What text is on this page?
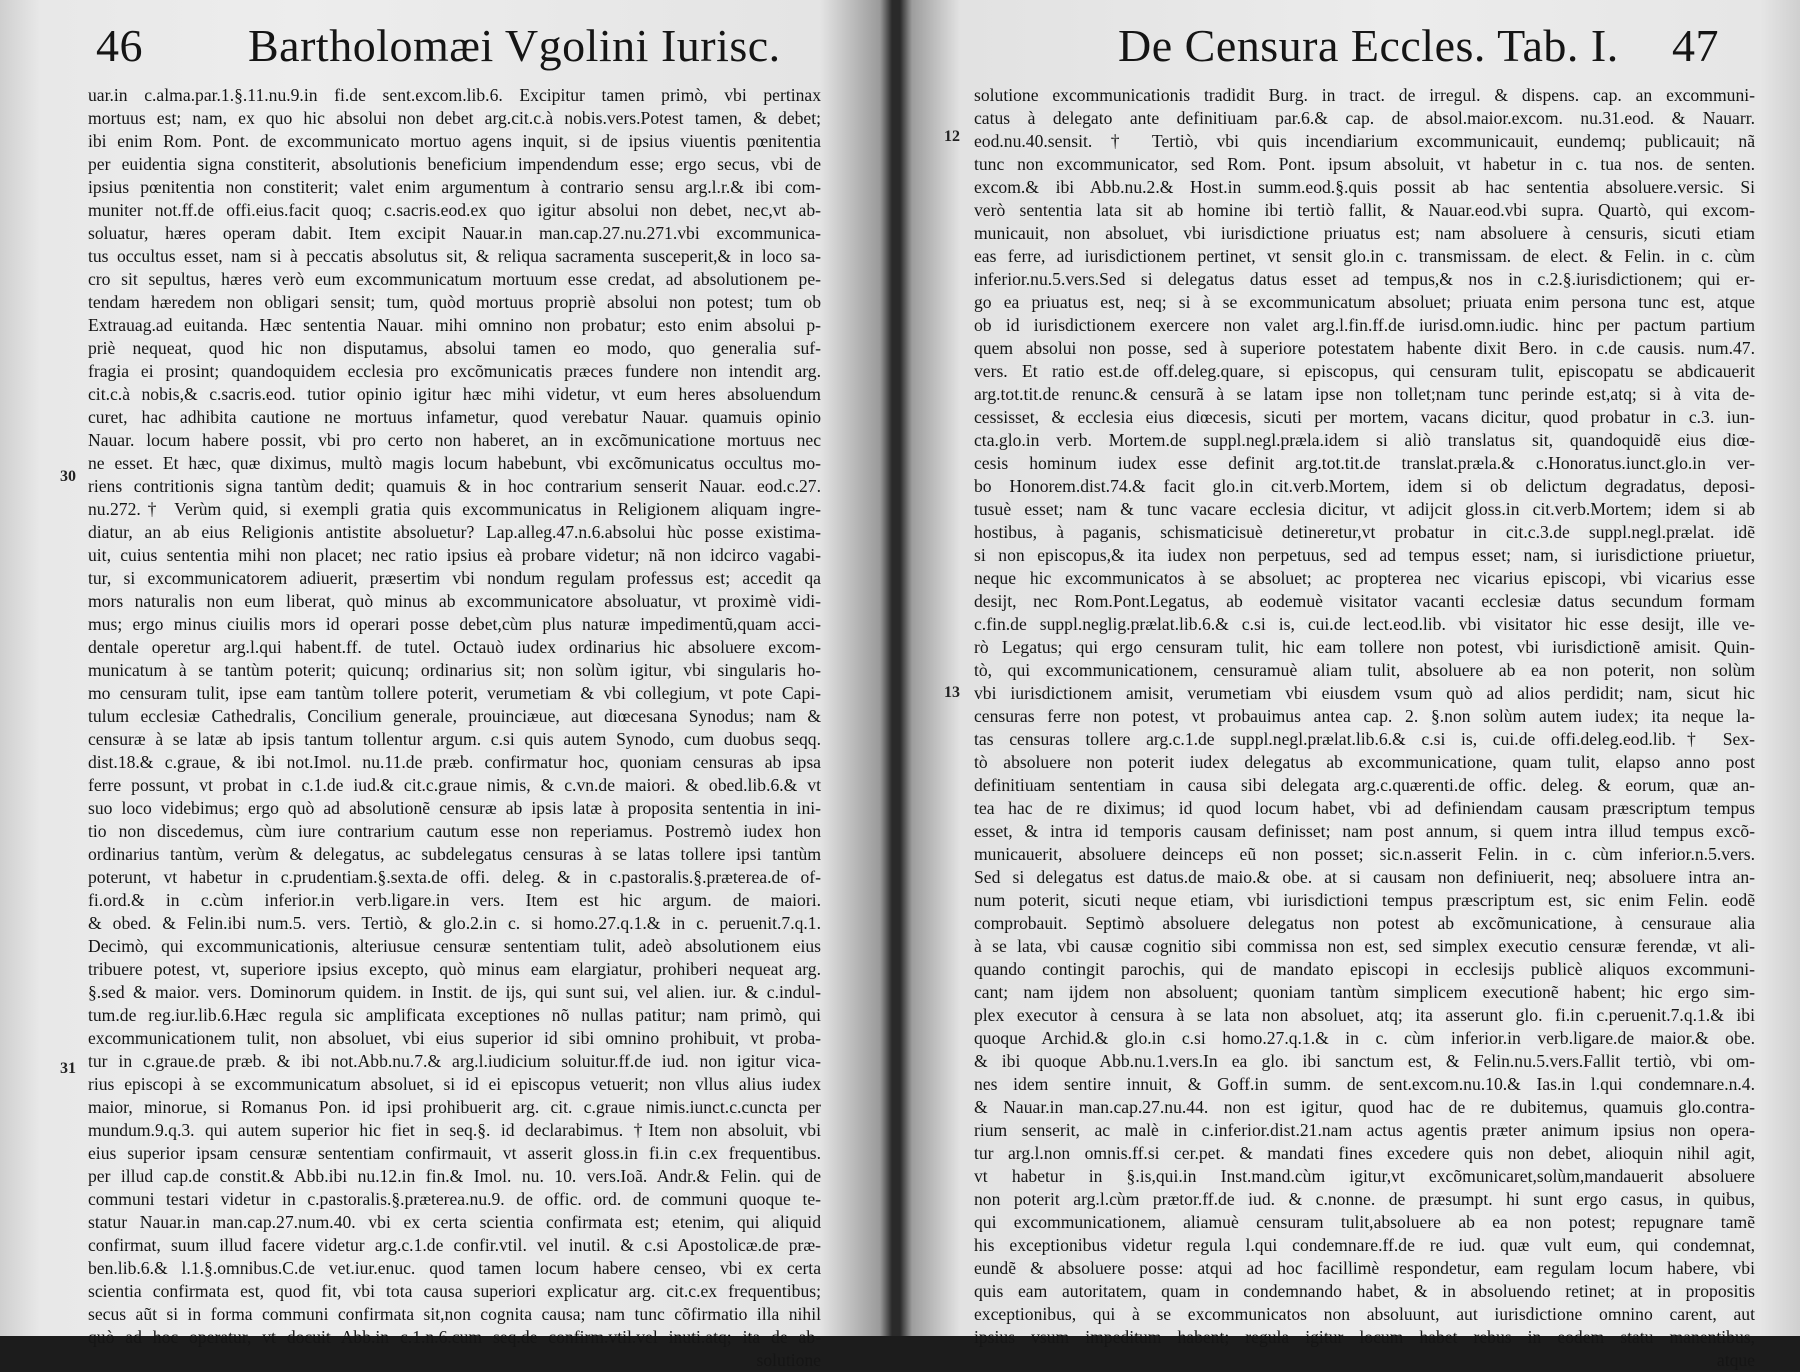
46 Bartholomæi Vgolini Iurisc.
uar.in c.alma.par.1.§.11.nu.9.in fi.de sent.excom.lib.6. Excipitur tamen primò, vbi pertinax
mortuus est; nam, ex quo hic absolui non debet arg.cit.c.à nobis.vers.Potest tamen, & debet;
ibi enim Rom. Pont. de excommunicato mortuo agens inquit, si de ipsius viuentis pœnitentia
per euidentia signa constiterit, absolutionis beneficium impendendum esse; ergo secus, vbi de
ipsius pœnitentia non constiterit; valet enim argumentum à contrario sensu arg.l.r.& ibi com-
muniter not.ff.de offi.eius.facit quoq; c.sacris.eod.ex quo igitur absolui non debet, nec,vt ab-
soluatur, hæres operam dabit. Item excipit Nauar.in man.cap.27.nu.271.vbi excommunica-
tus occultus esset, nam si à peccatis absolutus sit, & reliqua sacramenta susceperit,& in loco sa-
cro sit sepultus, hæres verò eum excommunicatum mortuum esse credat, ad absolutionem pe-
tendam hæredem non obligari sensit; tum, quòd mortuus propriè absolui non potest; tum ob
Extrauag.ad euitanda. Hæc sententia Nauar. mihi omnino non probatur; esto enim absolui p-
priè nequeat, quod hic non disputamus, absolui tamen eo modo, quo generalia suf-
fragia ei prosint; quandoquidem ecclesia pro excõmunicatis præces fundere non intendit arg.
cit.c.à nobis,& c.sacris.eod. tutior opinio igitur hæc mihi videtur, vt eum heres absoluendum
curet, hac adhibita cautione ne mortuus infametur, quod verebatur Nauar. quamuis opinio
Nauar. locum habere possit, vbi pro certo non haberet, an in excõmunicatione mortuus nec
ne esset. Et hæc, quæ diximus, multò magis locum habebunt, vbi excõmunicatus occultus mo-
riens contritionis signa tantùm dedit; quamuis & in hoc contrarium senserit Nauar. eod.c.27.
nu.272.† Verùm quid, si exempli gratia quis excommunicatus in Religionem aliquam ingre-
diatur, an ab eius Religionis antistite absoluetur? Lap.alleg.47.n.6.absolui hùc posse existima-
uit, cuius sententia mihi non placet; nec ratio ipsius eà probare videtur; nã non idcirco vagabi-
tur, si excommunicatorem adiuerit, præsertim vbi nondum regulam professus est; accedit qa
mors naturalis non eum liberat, quò minus ab excommunicatore absoluatur, vt proximè vidi-
mus; ergo minus ciuilis mors id operari posse debet,cùm plus naturæ impedimentũ,quam acci-
dentale operetur arg.l.qui habent.ff. de tutel. Octauò iudex ordinarius hic absoluere excom-
municatum à se tantùm poterit; quicunq; ordinarius sit; non solùm igitur, vbi singularis ho-
mo censuram tulit, ipse eam tantùm tollere poterit, verumetiam & vbi collegium, vt pote Capi-
tulum ecclesiæ Cathedralis, Concilium generale, prouinciæue, aut diœcesana Synodus; nam &
censuræ à se latæ ab ipsis tantum tollentur argum. c.si quis autem Synodo, cum duobus seqq.
dist.18.& c.graue, & ibi not.Imol. nu.11.de præb. confirmatur hoc, quoniam censuras ab ipsa
ferre possunt, vt probat in c.1.de iud.& cit.c.graue nimis, & c.vn.de maiori. & obed.lib.6.& vt
suo loco videbimus; ergo quò ad absolutionẽ censuræ ab ipsis latæ à proposita sententia in ini-
tio non discedemus, cùm iure contrarium cautum esse non reperiamus. Postremò iudex hon
ordinarius tantùm, verùm & delegatus, ac subdelegatus censuras à se latas tollere ipsi tantùm
poterunt, vt habetur in c.prudentiam.§.sexta.de offi. deleg. & in c.pastoralis.§.præterea.de of-
fi.ord.& in c.cùm inferior.in verb.ligare.in vers. Item est hic argum. de maiori.
& obed. & Felin.ibi num.5. vers. Tertiò, & glo.2.in c. si homo.27.q.1.& in c. peruenit.7.q.1.
Decimò, qui excommunicationis, alteriusue censuræ sententiam tulit, adeò absolutionem eius
tribuere potest, vt, superiore ipsius excepto, quò minus eam elargiatur, prohiberi nequeat arg.
§.sed & maior. vers. Dominorum quidem. in Instit. de ijs, qui sunt sui, vel alien. iur. & c.indul-
tum.de reg.iur.lib.6.Hæc regula sic amplificata exceptiones nõ nullas patitur; nam primò, qui
excommunicationem tulit, non absoluet, vbi eius superior id sibi omnino prohibuit, vt proba-
tur in c.graue.de præb. & ibi not.Abb.nu.7.& arg.l.iudicium soluitur.ff.de iud. non igitur vica-
rius episcopi à se excommunicatum absoluet, si id ei episcopus vetuerit; non vllus alius iudex
maior, minorue, si Romanus Pon. id ipsi prohibuerit arg. cit. c.graue nimis.iunct.c.cuncta per
mundum.9.q.3. qui autem superior hic fiet in seq.§. id declarabimus. †Item non absoluit, vbi
eius superior ipsam censuræ sententiam confirmauit, vt asserit gloss.in fi.in c.ex frequentibus.
per illud cap.de constit.& Abb.ibi nu.12.in fin.& Imol. nu. 10. vers.Ioã. Andr.& Felin. qui de
communi testari videtur in c.pastoralis.§.præterea.nu.9. de offic. ord. de communi quoque te-
statur Nauar.in man.cap.27.num.40. vbi ex certa scientia confirmata est; etenim, qui aliquid
confirmat, suum illud facere videtur arg.c.1.de confir.vtil. vel inutil. & c.si Apostolicæ.de præ-
ben.lib.6.& l.1.§.omnibus.C.de vet.iur.enuc. quod tamen locum habere censeo, vbi ex certa
scientia confirmata est, quod fit, vbi tota causa superiori explicatur arg. cit.c.ex frequentibus;
secus aũt si in forma communi confirmata sit,non cognita causa; nam tunc cõfirmatio illa nihil
quò ad hoc operatur, vt docuit Abb.in c.1.n.6.cum seq.de confirm.vtil.vel inuti.atq; ita de ab-
solutione
30
31
De Censura Eccles. Tab. I. 47
solutione excommunicationis tradidit Burg. in tract. de irregul. & dispens. cap. an excommuni-
catus à delegato ante definitiuam par.6.& cap. de absol.maior.excom. nu.31.eod. & Nauarr.
eod.nu.40.sensit. † Tertiò, vbi quis incendiarium excommunicauit, eundemq; publicauit; nã
tunc non excommunicator, sed Rom. Pont. ipsum absoluit, vt habetur in c. tua nos. de senten.
excom.& ibi Abb.nu.2.& Host.in summ.eod.§.quis possit ab hac sententia absoluere.versic. Si
verò sententia lata sit ab homine ibi tertiò fallit, & Nauar.eod.vbi supra. Quartò, qui excom-
municauit, non absoluet, vbi iurisdictione priuatus est; nam absoluere à censuris, sicuti etiam
eas ferre, ad iurisdictionem pertinet, vt sensit glo.in c. transmissam. de elect. & Felin. in c. cùm
inferior.nu.5.vers.Sed si delegatus datus esset ad tempus,& nos in c.2.§.iurisdictionem; qui er-
go ea priuatus est, neq; si à se excommunicatum absoluet; priuata enim persona tunc est, atque
ob id iurisdictionem exercere non valet arg.l.fin.ff.de iurisd.omn.iudic. hinc per pactum partium
quem absolui non posse, sed à superiore potestatem habente dixit Bero. in c.de causis. num.47.
vers. Et ratio est.de off.deleg.quare, si episcopus, qui censuram tulit, episcopatu se abdicauerit
arg.tot.tit.de renunc.& censurã à se latam ipse non tollet;nam tunc perinde est,atq; si à vita de-
cessisset, & ecclesia eius diœcesis, sicuti per mortem, vacans dicitur, quod probatur in c.3. iun-
cta.glo.in verb. Mortem.de suppl.negl.præla.idem si aliò translatus sit, quandoquidẽ eius diœ-
cesis hominum iudex esse definit arg.tot.tit.de translat.præla.& c.Honoratus.iunct.glo.in ver-
bo Honorem.dist.74.& facit glo.in cit.verb.Mortem, idem si ob delictum degradatus, deposi-
tusuè esset; nam & tunc vacare ecclesia dicitur, vt adijcit gloss.in cit.verb.Mortem; idem si ab
hostibus, à paganis, schismaticisuè detineretur,vt probatur in cit.c.3.de suppl.negl.prælat. idẽ
si non episcopus,& ita iudex non perpetuus, sed ad tempus esset; nam, si iurisdictione priuetur,
neque hic excommunicatos à se absoluet; ac propterea nec vicarius episcopi, vbi vicarius esse
desijt, nec Rom.Pont.Legatus, ab eodemuè visitator vacanti ecclesiæ datus secundum formam
c.fin.de suppl.neglig.prælat.lib.6.& c.si is, cui.de lect.eod.lib. vbi visitator hic esse desijt, ille ve-
rò Legatus; qui ergo censuram tulit, hic eam tollere non potest, vbi iurisdictionẽ amisit. Quin-
tò, qui excommunicationem, censuramuè aliam tulit, absoluere ab ea non poterit, non solùm
vbi iurisdictionem amisit, verumetiam vbi eiusdem vsum quò ad alios perdidit; nam, sicut hic
censuras ferre non potest, vt probauimus antea cap. 2. §.non solùm autem iudex; ita neque la-
tas censuras tollere arg.c.1.de suppl.negl.prælat.lib.6.& c.si is, cui.de offi.deleg.eod.lib.† Sex-
tò absoluere non poterit iudex delegatus ab excommunicatione, quam tulit, elapso anno post
definitiuam sententiam in causa sibi delegata arg.c.quærenti.de offic. deleg. & eorum, quæ an-
tea hac de re diximus; id quod locum habet, vbi ad definiendam causam præscriptum tempus
esset, & intra id temporis causam definisset; nam post annum, si quem intra illud tempus excõ-
municauerit, absoluere deinceps eũ non posset; sic.n.asserit Felin. in c. cùm inferior.n.5.vers.
Sed si delegatus est datus.de maio.& obe. at si causam non definiuerit, neq; absoluere intra an-
num poterit, sicuti neque etiam, vbi iurisdictioni tempus præscriptum est, sic enim Felin. eodẽ
comprobauit. Septimò absoluere delegatus non potest ab excõmunicatione, à censuraue alia
à se lata, vbi causæ cognitio sibi commissa non est, sed simplex executio censuræ ferendæ, vt ali-
quando contingit parochis, qui de mandato episcopi in ecclesijs publicè aliquos excommuni-
cant; nam ijdem non absoluent; quoniam tantùm simplicem executionẽ habent; hic ergo sim-
plex executor à censura à se lata non absoluet, atq; ita asserunt glo. fi.in c.peruenit.7.q.1.& ibi
quoque Archid.& glo.in c.si homo.27.q.1.& in c. cùm inferior.in verb.ligare.de maior.& obe.
& ibi quoque Abb.nu.1.vers.In ea glo. ibi sanctum est, & Felin.nu.5.vers.Fallit tertiò, vbi om-
nes idem sentire innuit, & Goff.in summ. de sent.excom.nu.10.& Ias.in l.qui condemnare.n.4.
& Nauar.in man.cap.27.nu.44. non est igitur, quod hac de re dubitemus, quamuis glo.contra-
rium senserit, ac malè in c.inferior.dist.21.nam actus agentis præter animum ipsius non opera-
tur arg.l.non omnis.ff.si cer.pet. & mandati fines excedere quis non debet, alioquin nihil agit,
vt habetur in §.is,qui.in Inst.mand.cùm igitur,vt excõmunicaret,solùm,mandauerit absoluere
non poterit arg.l.cùm prætor.ff.de iud. & c.nonne. de præsumpt. hi sunt ergo casus, in quibus,
qui excommunicationem, aliamuè censuram tulit,absoluere ab ea non potest; repugnare tamẽ
his exceptionibus videtur regula l.qui condemnare.ff.de re iud. quæ vult eum, qui condemnat,
eundẽ & absoluere posse: atqui ad hoc facillimè respondetur, eam regulam locum habere, vbi
quis eam autoritatem, quam in condemnando habet, & in absoluendo retinet; at in propositis
exceptionibus, qui à se excommunicatos non absoluunt, aut iurisdictione omnino carent, aut
ipsius vsum impeditum habent; regula igitur locum habet rebus in eodem statu manentibus,
atque
12
13
